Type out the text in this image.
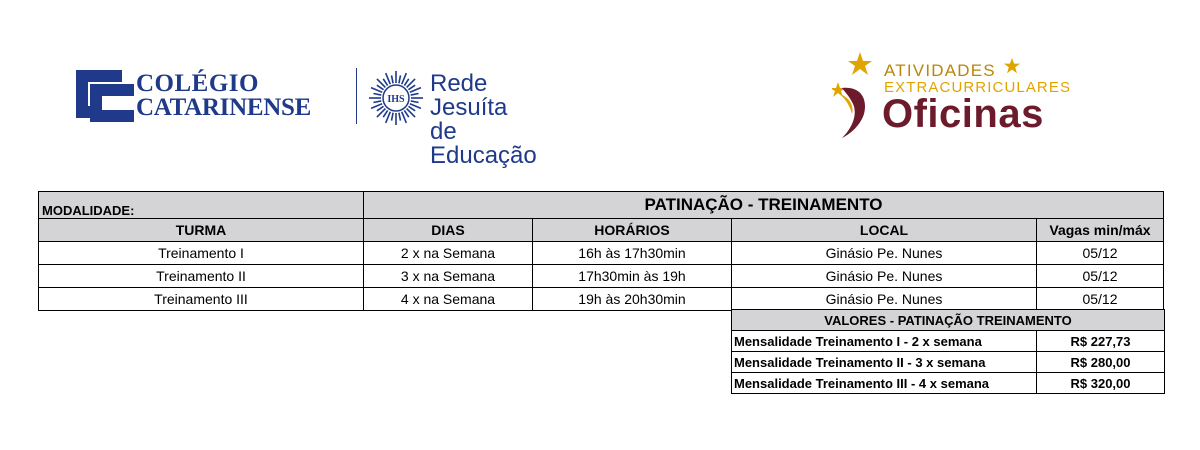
COLÉGIO
CATARINENSE	IHS
Rede Jesuíta
de Educação
ATIVIDADES
EXTRACURRICULARES
Oficinas
MODALIDADE:	PATINAÇÃO - TREINAMENTO			
TURMA	DIAS	HORÁRIOS	LOCAL	Vagas min/máx
Treinamento I	2 x na Semana	16h às 17h30min	Ginásio Pe. Nunes	05/12
Treinamento II	3 x na Semana	17h30min às 19h	Ginásio Pe. Nunes	05/12
Treinamento III	4 x na Semana	19h às 20h30min	Ginásio Pe. Nunes	05/12
VALORES - PATINAÇÃO TREINAMENTO	
Mensalidade Treinamento I - 2 x semana	R$ 227,73
Mensalidade Treinamento II - 3 x semana	R$ 280,00
Mensalidade Treinamento III - 4 x semana	R$ 320,00
